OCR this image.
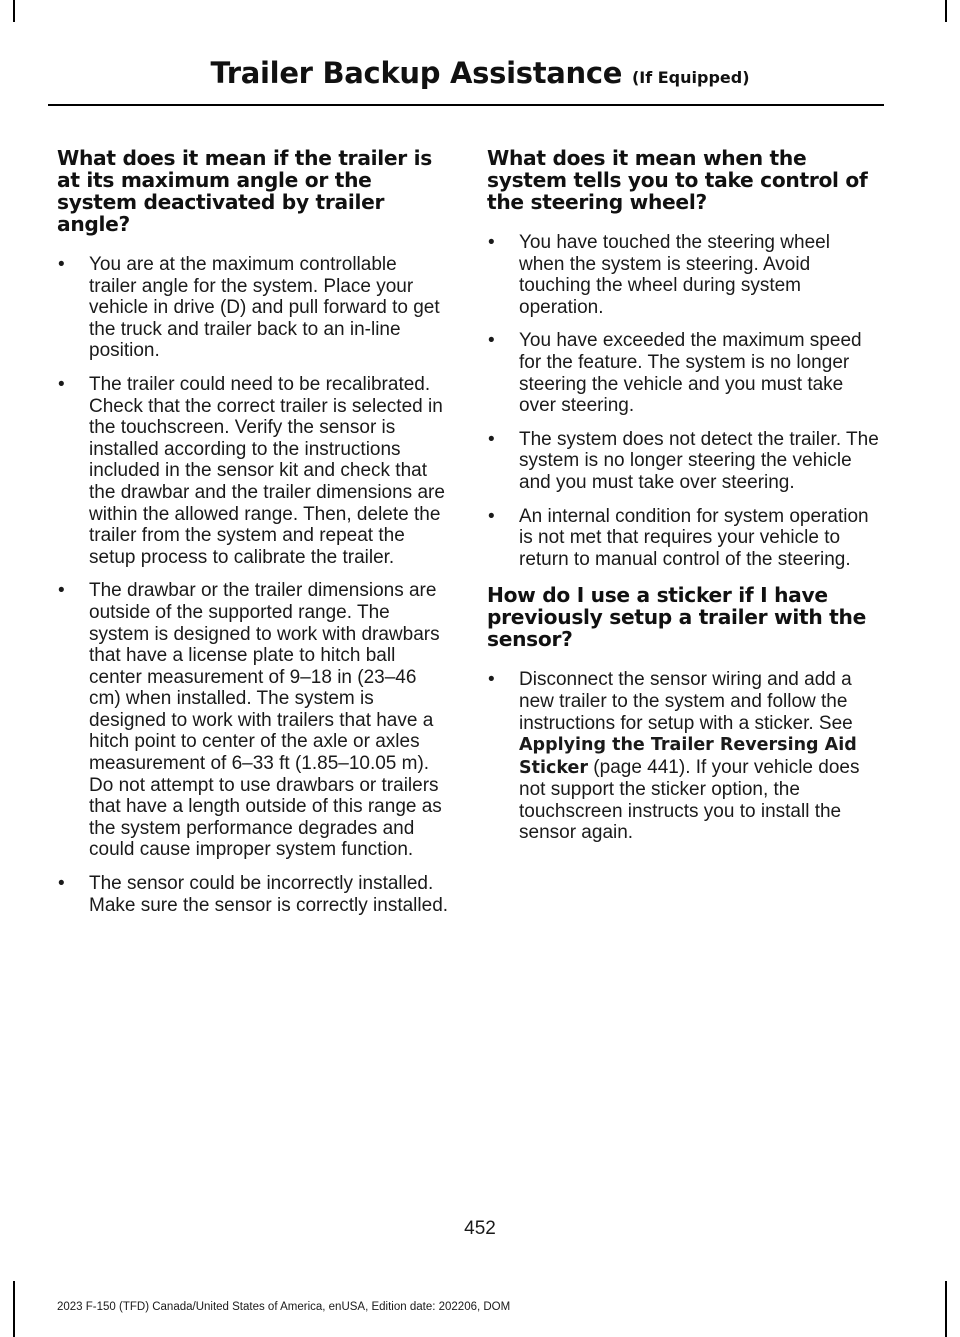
Trailer Backup Assistance (If Equipped)
What does it mean if the trailer is at its maximum angle or the system deactivated by trailer angle?
• You are at the maximum controllable trailer angle for the system. Place your vehicle in drive (D) and pull forward to get the truck and trailer back to an in-line position.
• The trailer could need to be recalibrated. Check that the correct trailer is selected in the touchscreen. Verify the sensor is installed according to the instructions included in the sensor kit and check that the drawbar and the trailer dimensions are within the allowed range. Then, delete the trailer from the system and repeat the setup process to calibrate the trailer.
• The drawbar or the trailer dimensions are outside of the supported range. The system is designed to work with drawbars that have a license plate to hitch ball center measurement of 9–18 in (23–46 cm) when installed. The system is designed to work with trailers that have a hitch point to center of the axle or axles measurement of 6–33 ft (1.85–10.05 m). Do not attempt to use drawbars or trailers that have a length outside of this range as the system performance degrades and could cause improper system function.
• The sensor could be incorrectly installed. Make sure the sensor is correctly installed.
What does it mean when the system tells you to take control of the steering wheel?
• You have touched the steering wheel when the system is steering. Avoid touching the wheel during system operation.
• You have exceeded the maximum speed for the feature. The system is no longer steering the vehicle and you must take over steering.
• The system does not detect the trailer. The system is no longer steering the vehicle and you must take over steering.
• An internal condition for system operation is not met that requires your vehicle to return to manual control of the steering.
How do I use a sticker if I have previously setup a trailer with the sensor?
• Disconnect the sensor wiring and add a new trailer to the system and follow the instructions for setup with a sticker. See Applying the Trailer Reversing Aid Sticker (page 441). If your vehicle does not support the sticker option, the touchscreen instructs you to install the sensor again.
452
2023 F-150 (TFD) Canada/United States of America, enUSA, Edition date: 202206, DOM
